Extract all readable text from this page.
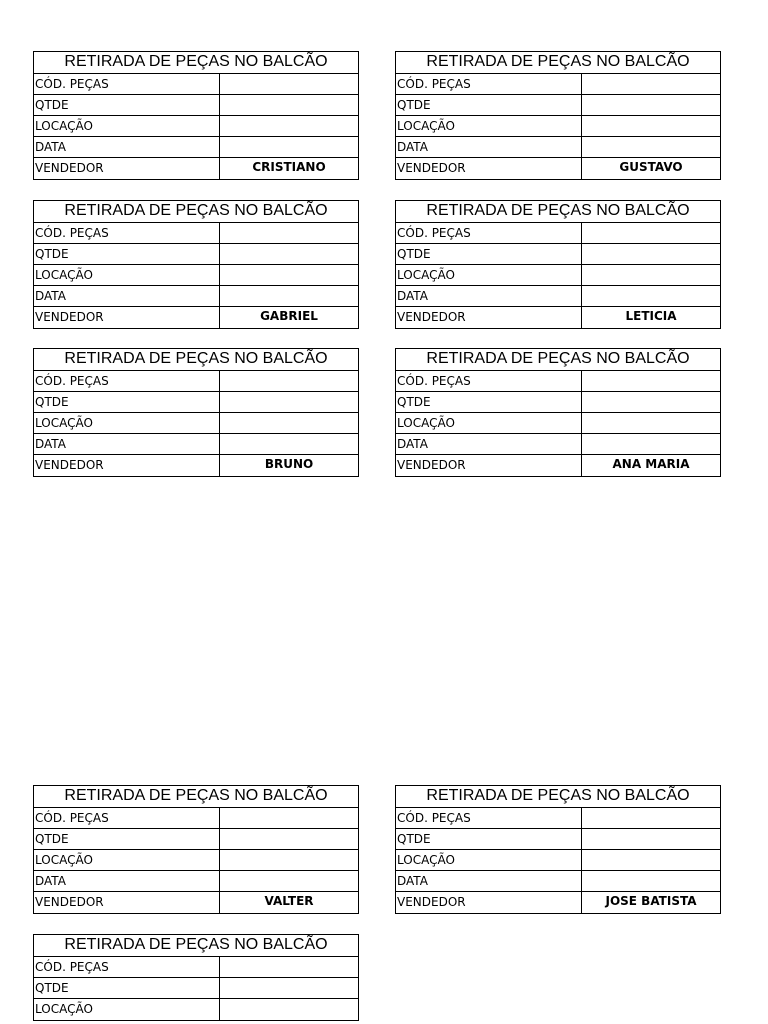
RETIRADA DE PEÇAS NO BALCÃO
CÓD. PEÇAS
QTDE
LOCAÇÃO
DATA
VENDEDOR	CRISTIANO
RETIRADA DE PEÇAS NO BALCÃO
CÓD. PEÇAS
QTDE
LOCAÇÃO
DATA
VENDEDOR	GUSTAVO
RETIRADA DE PEÇAS NO BALCÃO
CÓD. PEÇAS
QTDE
LOCAÇÃO
DATA
VENDEDOR	GABRIEL
RETIRADA DE PEÇAS NO BALCÃO
CÓD. PEÇAS
QTDE
LOCAÇÃO
DATA
VENDEDOR	LETICIA
RETIRADA DE PEÇAS NO BALCÃO
CÓD. PEÇAS
QTDE
LOCAÇÃO
DATA
VENDEDOR	BRUNO
RETIRADA DE PEÇAS NO BALCÃO
CÓD. PEÇAS
QTDE
LOCAÇÃO
DATA
VENDEDOR	ANA MARIA
RETIRADA DE PEÇAS NO BALCÃO
CÓD. PEÇAS
QTDE
LOCAÇÃO
DATA
VENDEDOR	VALTER
RETIRADA DE PEÇAS NO BALCÃO
CÓD. PEÇAS
QTDE
LOCAÇÃO
DATA
VENDEDOR	JOSE BATISTA
RETIRADA DE PEÇAS NO BALCÃO
CÓD. PEÇAS
QTDE
LOCAÇÃO
